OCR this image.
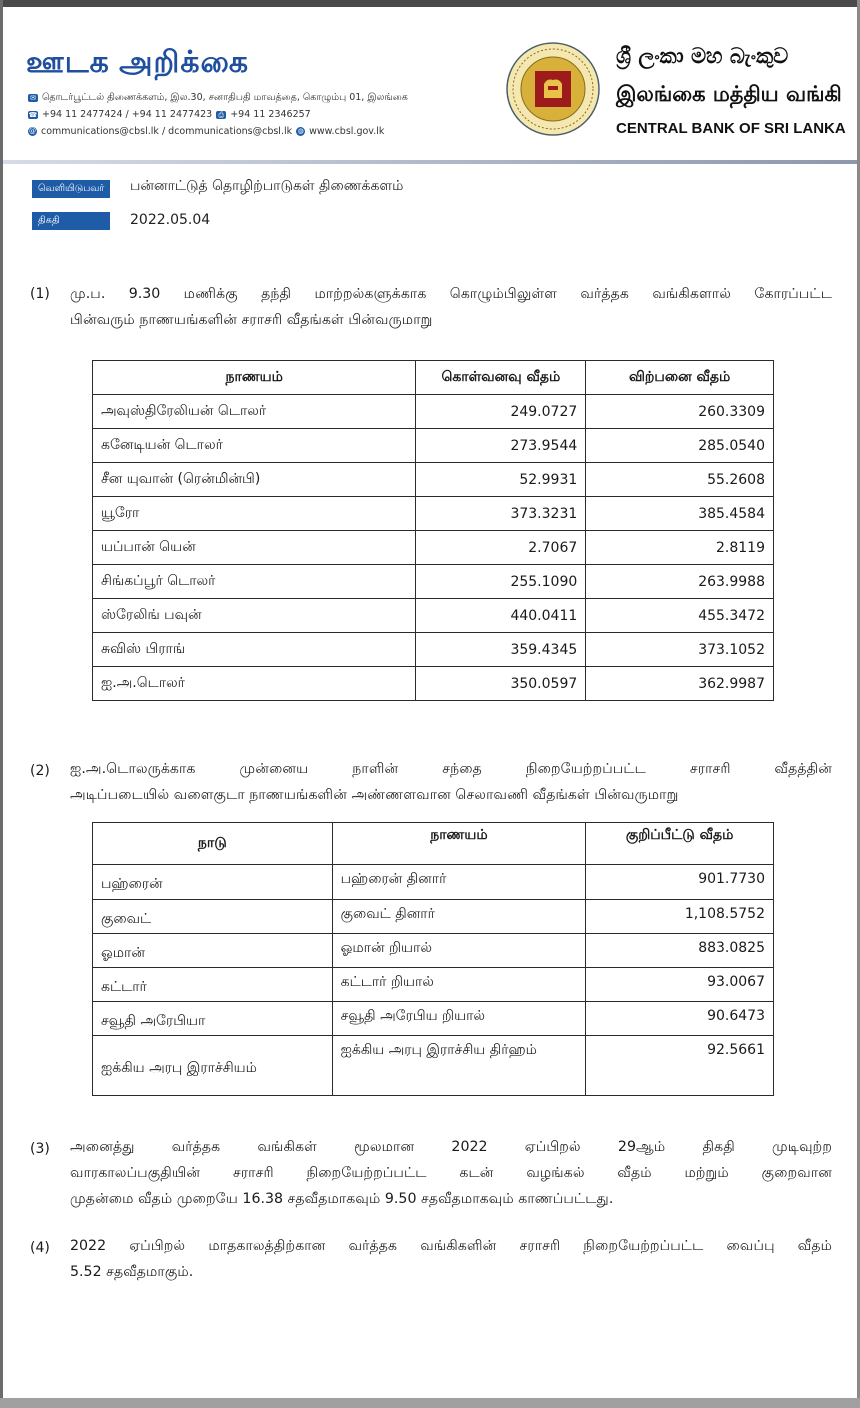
ஊடக அறிக்கை
✉ தொடர்பூட்டல் திணைக்களம், இல.30, சனாதிபதி மாவத்தை, கொழும்பு 01, இலங்கை
☎ +94 11 2477424 / +94 11 2477423 ⎙ +94 11 2346257
@ communications@cbsl.lk / dcommunications@cbsl.lk ◍ www.cbsl.gov.lk
ශ්‍රී ලංකා මහ බැංකුව
இலங்கை மத்திய வங்கி
CENTRAL BANK OF SRI LANKA
வெளியிடுபவர்	பன்னாட்டுத் தொழிற்பாடுகள் திணைக்களம்
திகதி	2022.05.04
(1) மு.ப. 9.30 மணிக்கு தந்தி மாற்றல்களுக்காக கொழும்பிலுள்ள வர்த்தக வங்கிகளால் கோரப்பட்ட
பின்வரும் நாணயங்களின் சராசரி வீதங்கள் பின்வருமாறு
நாணயம்	கொள்வனவு வீதம்	விற்பனை வீதம்
அவுஸ்திரேலியன் டொலர்	249.0727	260.3309
கனேடியன் டொலர்	273.9544	285.0540
சீன யுவான் (ரென்மின்பி)	52.9931	55.2608
யூரோ	373.3231	385.4584
யப்பான் யென்	2.7067	2.8119
சிங்கப்பூர் டொலர்	255.1090	263.9988
ஸ்ரேலிங் பவுன்	440.0411	455.3472
சுவிஸ் பிராங்	359.4345	373.1052
ஐ.அ.டொலர்	350.0597	362.9987
(2) ஐ.அ.டொலருக்காக முன்னைய நாளின் சந்தை நிறையேற்றப்பட்ட சராசரி வீதத்தின்
அடிப்படையில் வளைகுடா நாணயங்களின் அண்ணளவான செலாவணி வீதங்கள் பின்வருமாறு
நாடு	நாணயம்	குறிப்பீட்டு வீதம்
பஹ்ரைன்	பஹ்ரைன் தினார்	901.7730
குவைட்	குவைட் தினார்	1,108.5752
ஓமான்	ஓமான் றியால்	883.0825
கட்டார்	கட்டார் றியால்	93.0067
சவூதி அரேபியா	சவூதி அரேபிய றியால்	90.6473
ஐக்கிய அரபு இராச்சியம்	ஐக்கிய அரபு இராச்சிய திர்ஹம்	92.5661
(3) அனைத்து வர்த்தக வங்கிகள் மூலமான 2022 ஏப்பிறல் 29ஆம் திகதி முடிவுற்ற
வாரகாலப்பகுதியின் சராசரி நிறையேற்றப்பட்ட கடன் வழங்கல் வீதம் மற்றும் குறைவான
முதன்மை வீதம் முறையே 16.38 சதவீதமாகவும் 9.50 சதவீதமாகவும் காணப்பட்டது.
(4) 2022 ஏப்பிறல் மாதகாலத்திற்கான வர்த்தக வங்கிகளின் சராசரி நிறையேற்றப்பட்ட வைப்பு வீதம்
5.52 சதவீதமாகும்.
